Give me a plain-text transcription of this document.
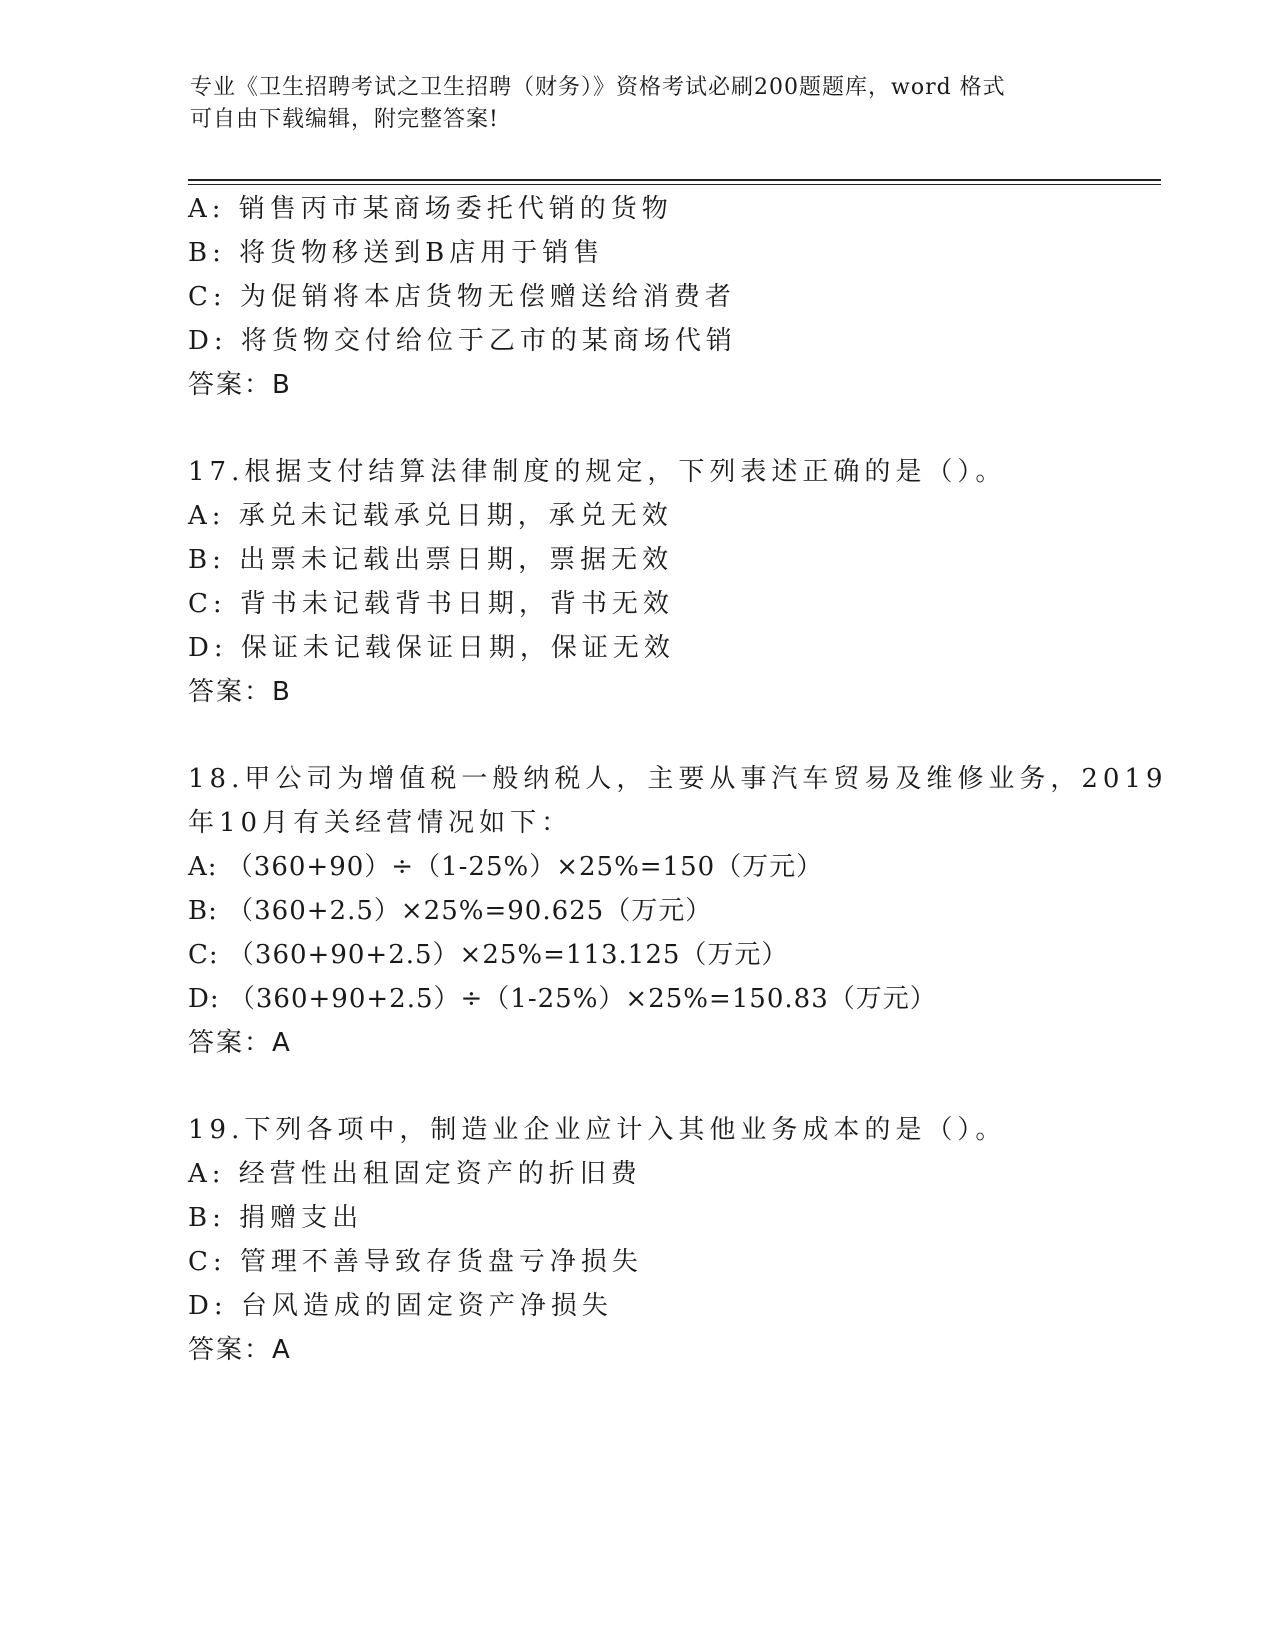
专业《卫生招聘考试之卫生招聘（财务）》资格考试必刷200题题库，word 格式
可自由下载编辑，附完整答案!
A: 销售丙市某商场委托代销的货物
B: 将货物移送到B店用于销售
C: 为促销将本店货物无偿赠送给消费者
D: 将货物交付给位于乙市的某商场代销
答案：B
17.根据支付结算法律制度的规定，下列表述正确的是（）。
A: 承兑未记载承兑日期，承兑无效
B: 出票未记载出票日期，票据无效
C: 背书未记载背书日期，背书无效
D: 保证未记载保证日期，保证无效
答案：B
18.甲公司为增值税一般纳税人，主要从事汽车贸易及维修业务，2019
年10月有关经营情况如下：
A: （360+90）÷（1-25%）×25%=150（万元）
B: （360+2.5）×25%=90.625（万元）
C: （360+90+2.5）×25%=113.125（万元）
D: （360+90+2.5）÷（1-25%）×25%=150.83（万元）
答案：A
19.下列各项中，制造业企业应计入其他业务成本的是（）。
A: 经营性出租固定资产的折旧费
B: 捐赠支出
C: 管理不善导致存货盘亏净损失
D: 台风造成的固定资产净损失
答案：A
